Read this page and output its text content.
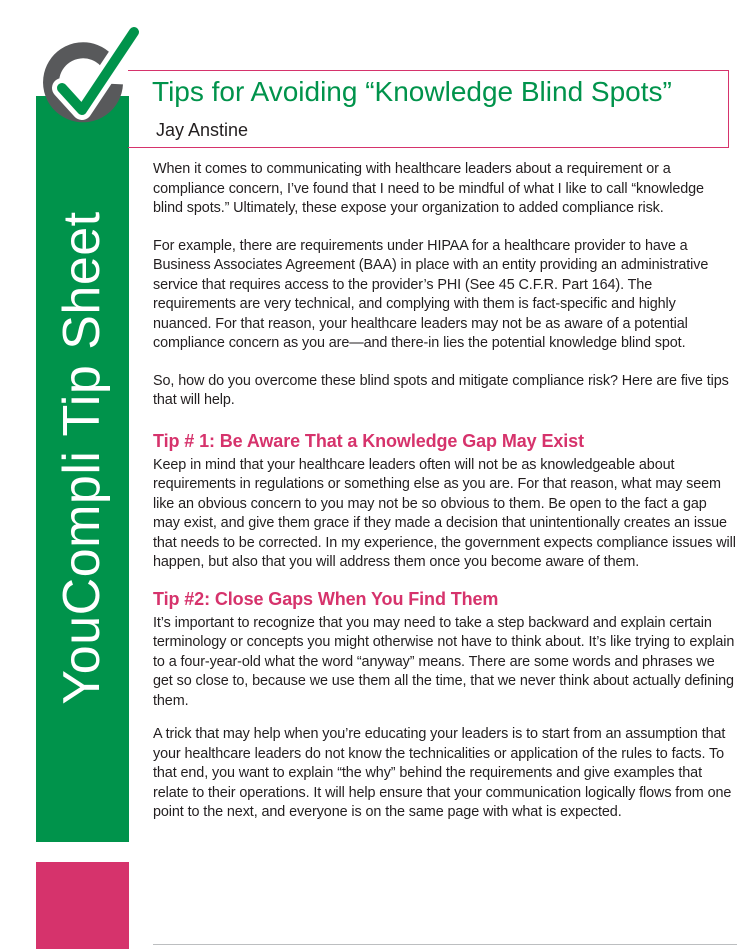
YouCompli Tip Sheet
Tips for Avoiding “Knowledge Blind Spots”

Jay Anstine

When it comes to communicating with healthcare leaders about a requirement or a compliance concern, I’ve found that I need to be mindful of what I like to call “knowledge blind spots.” Ultimately, these expose your organization to added compliance risk.

For example, there are requirements under HIPAA for a healthcare provider to have a Business Associates Agreement (BAA) in place with an entity providing an administrative service that requires access to the provider’s PHI (See 45 C.F.R. Part 164). The requirements are very technical, and complying with them is fact-specific and highly nuanced. For that reason, your healthcare leaders may not be as aware of a potential compliance concern as you are—and there-in lies the potential knowledge blind spot.

So, how do you overcome these blind spots and mitigate compliance risk? Here are five tips that will help.

Tip # 1: Be Aware That a Knowledge Gap May Exist

Keep in mind that your healthcare leaders often will not be as knowledgeable about requirements in regulations or something else as you are. For that reason, what may seem like an obvious concern to you may not be so obvious to them. Be open to the fact a gap may exist, and give them grace if they made a decision that unintentionally creates an issue that needs to be corrected. In my experience, the government expects compliance issues will happen, but also that you will address them once you become aware of them.

Tip #2: Close Gaps When You Find Them

It’s important to recognize that you may need to take a step backward and explain certain terminology or concepts you might otherwise not have to think about. It’s like trying to explain to a four-year-old what the word “anyway” means. There are some words and phrases we get so close to, because we use them all the time, that we never think about actually defining them.

A trick that may help when you’re educating your leaders is to start from an assumption that your healthcare leaders do not know the technicalities or application of the rules to facts. To that end, you want to explain “the why” behind the requirements and give examples that relate to their operations. It will help ensure that your communication logically flows from one point to the next, and everyone is on the same page with what is expected.
